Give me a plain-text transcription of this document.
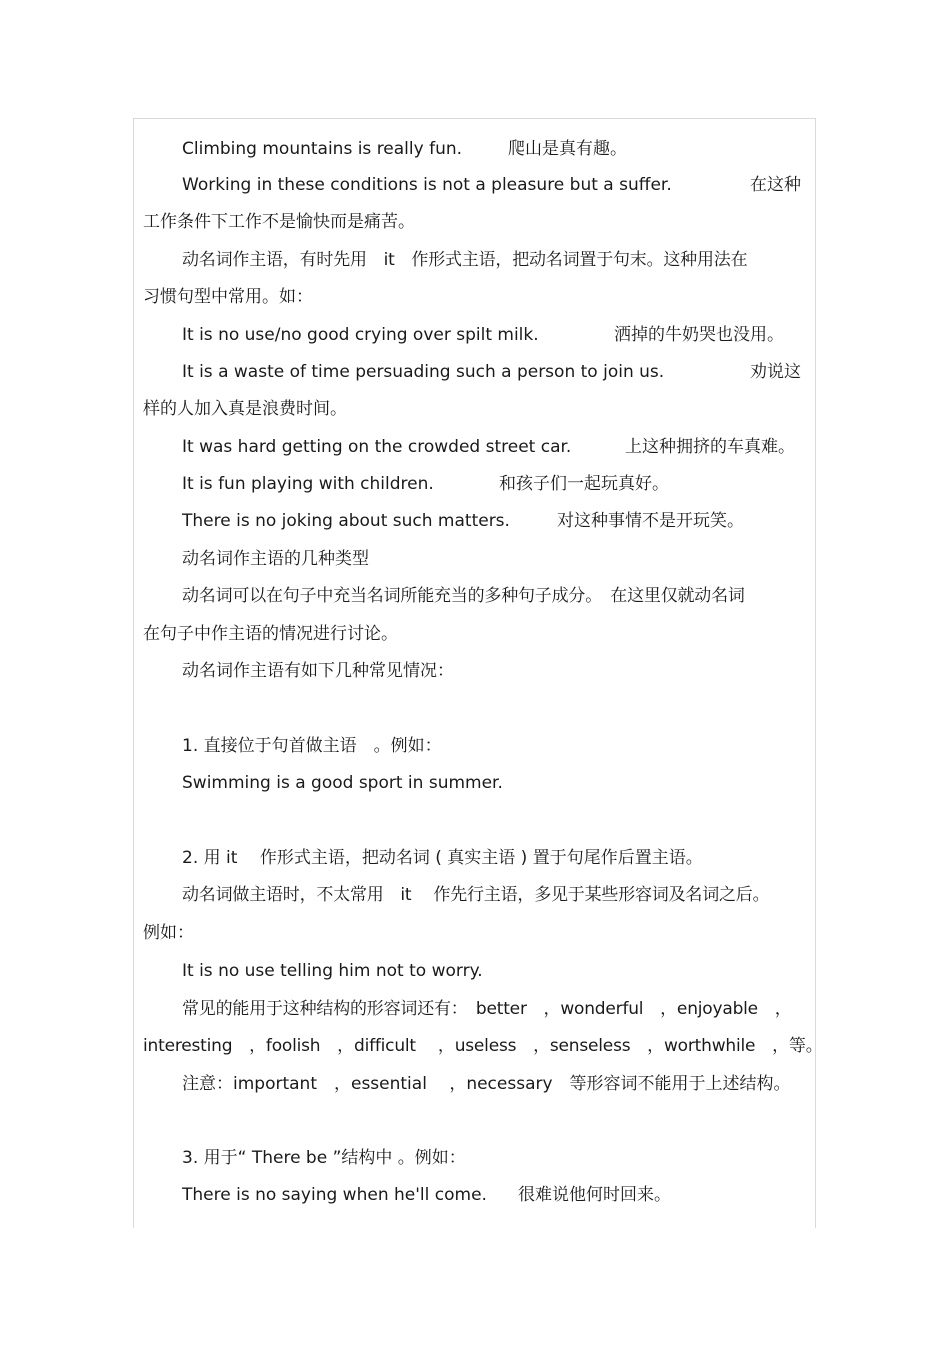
Climbing mountains is really fun.	爬山是真有趣。
Working in these conditions is not a pleasure but a suffer.	在这种
工作条件下工作不是愉快而是痛苦。
动名词作主语，有时先用　it　作形式主语，把动名词置于句末。这种用法在
习惯句型中常用。如：
It is no use/no good crying over spilt milk.	洒掉的牛奶哭也没用。
It is a waste of time persuading such a person to join us.	劝说这
样的人加入真是浪费时间。
It was hard getting on the crowded street car.	上这种拥挤的车真难。
It is fun playing with children.	和孩子们一起玩真好。
There is no joking about such matters.	对这种事情不是开玩笑。
动名词作主语的几种类型
动名词可以在句子中充当名词所能充当的多种句子成分。　在这里仅就动名词
在句子中作主语的情况进行讨论。
动名词作主语有如下几种常见情况：
1. 直接位于句首做主语　。例如：
Swimming is a good sport in summer.
2. 用 it　 作形式主语，把动名词 ( 真实主语 ) 置于句尾作后置主语。
动名词做主语时，不太常用　it　 作先行主语，多见于某些形容词及名词之后。
例如：
It is no use telling him not to worry.
常见的能用于这种结构的形容词还有：　better　，wonderful　，enjoyable　，
interesting　，foolish　，difficult　 ，useless　，senseless　，worthwhile　，等。
注意：important　，essential　 ，necessary　等形容词不能用于上述结构。
3. 用于“ There be ”结构中 。例如：
There is no saying when he'll come. 很难说他何时回来。
